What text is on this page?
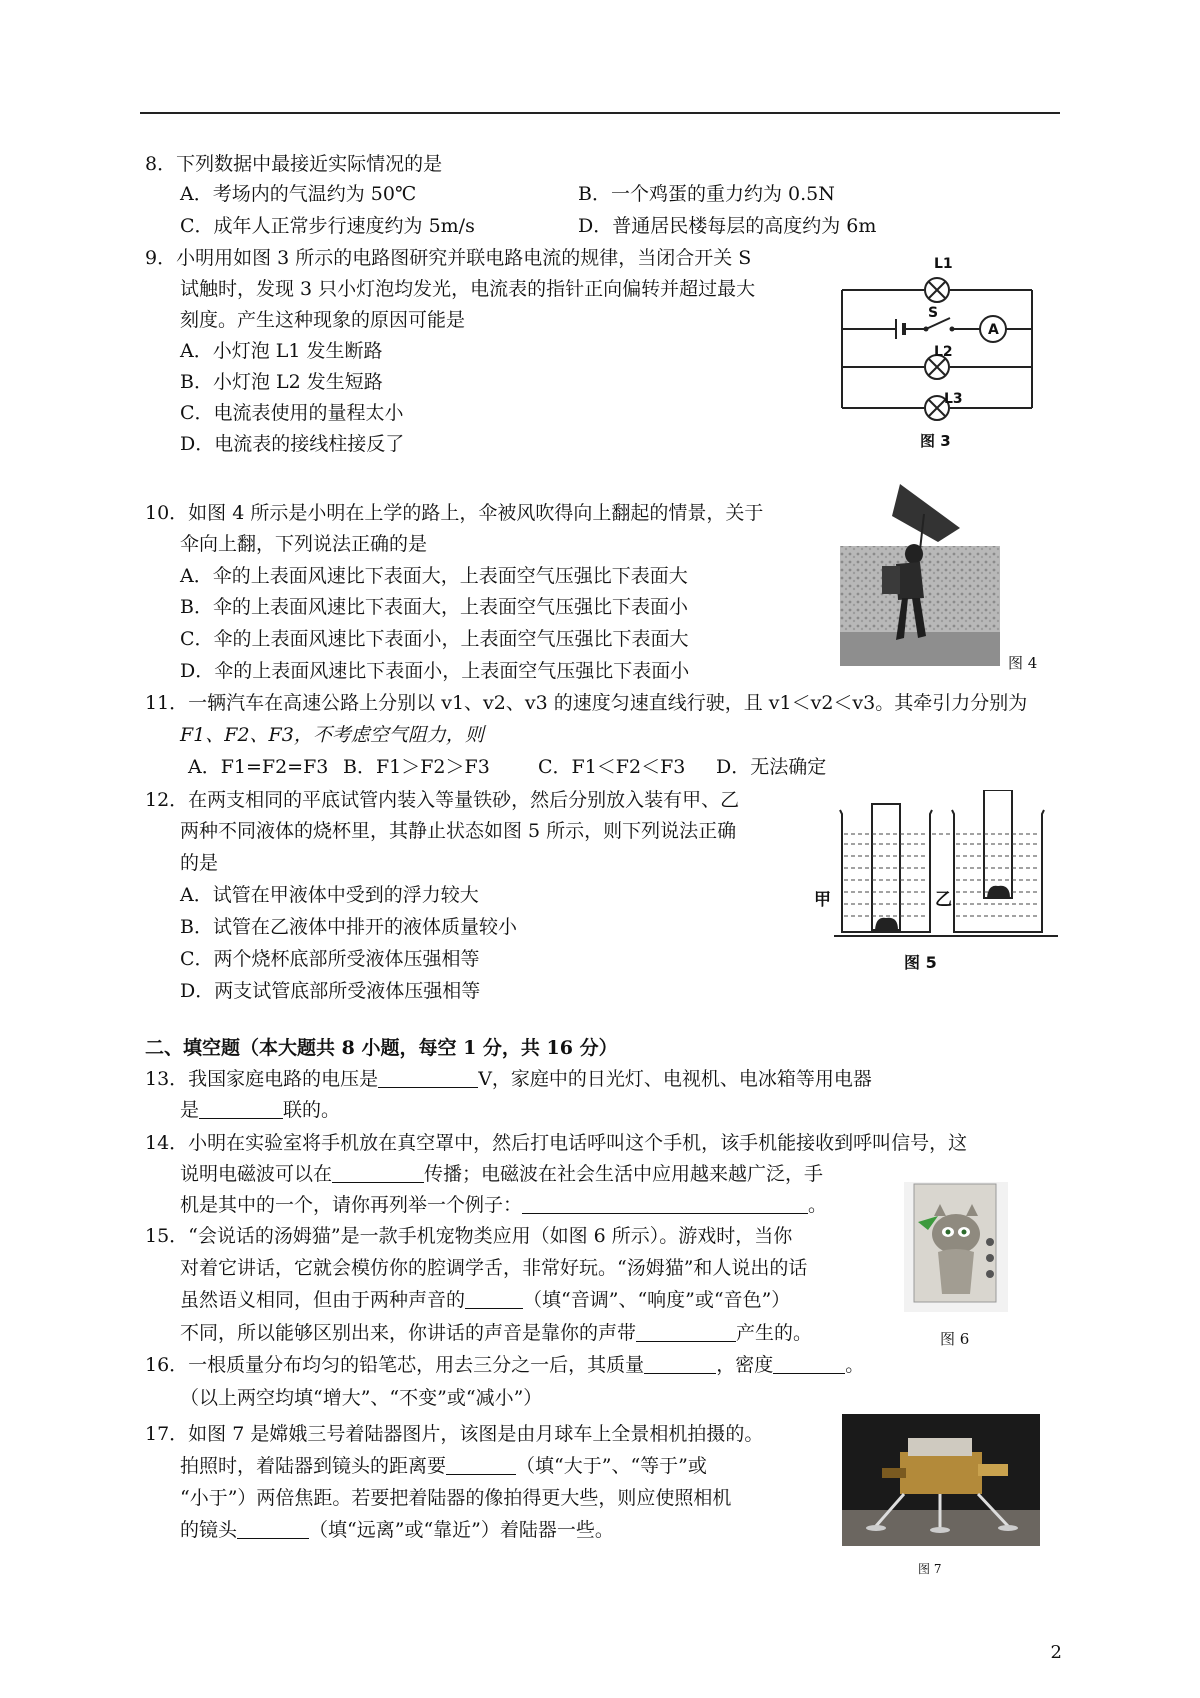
8．下列数据中最接近实际情况的是
A．考场内的气温约为 50℃	B．一个鸡蛋的重力约为 0.5N
C．成年人正常步行速度约为 5m/s	D．普通居民楼每层的高度约为 6m
9．小明用如图 3 所示的电路图研究并联电路电流的规律，当闭合开关 S
试触时，发现 3 只小灯泡均发光，电流表的指针正向偏转并超过最大
刻度。产生这种现象的原因可能是
A．小灯泡 L1 发生断路
B．小灯泡 L2 发生短路
C．电流表使用的量程太小
D．电流表的接线柱接反了
L1
S
A
L2
L3
图 3
10．如图 4 所示是小明在上学的路上，伞被风吹得向上翻起的情景，关于
伞向上翻，下列说法正确的是
A．伞的上表面风速比下表面大，上表面空气压强比下表面大
B．伞的上表面风速比下表面大，上表面空气压强比下表面小
C．伞的上表面风速比下表面小，上表面空气压强比下表面大
D．伞的上表面风速比下表面小，上表面空气压强比下表面小	图 4
11．一辆汽车在高速公路上分别以 v1、v2、v3 的速度匀速直线行驶，且 v1＜v2＜v3。其牵引力分别为
F1、F2、F3，不考虑空气阻力，则
A．F1=F2=F3 B．F1＞F2＞F3	C．F1＜F2＜F3 D．无法确定
12．在两支相同的平底试管内装入等量铁砂，然后分别放入装有甲、乙
两种不同液体的烧杯里，其静止状态如图 5 所示，则下列说法正确
的是
A．试管在甲液体中受到的浮力较大
B．试管在乙液体中排开的液体质量较小
C．两个烧杯底部所受液体压强相等
D．两支试管底部所受液体压强相等
甲	乙
图 5
二、填空题（本大题共 8 小题，每空 1 分，共 16 分）
13．我国家庭电路的电压是	V，家庭中的日光灯、电视机、电冰箱等用电器
是	联的。
14．小明在实验室将手机放在真空罩中，然后打电话呼叫这个手机，该手机能接收到呼叫信号，这
说明电磁波可以在	传播；电磁波在社会生活中应用越来越广泛，手
机是其中的一个，请你再列举一个例子：	。
图 6
15．“会说话的汤姆猫”是一款手机宠物类应用（如图 6 所示）。游戏时，当你
对着它讲话，它就会模仿你的腔调学舌，非常好玩。“汤姆猫”和人说出的话
虽然语义相同，但由于两种声音的	（填“音调”、“响度”或“音色”）
不同，所以能够区别出来，你讲话的声音是靠你的声带	产生的。
16．一根质量分布均匀的铅笔芯，用去三分之一后，其质量	，密度	。
（以上两空均填“增大”、“不变”或“减小”）
17．如图 7 是嫦娥三号着陆器图片，该图是由月球车上全景相机拍摄的。
拍照时，着陆器到镜头的距离要	（填“大于”、“等于”或
“小于”）两倍焦距。若要把着陆器的像拍得更大些，则应使照相机
的镜头	（填“远离”或“靠近”）着陆器一些。
图 7
2
